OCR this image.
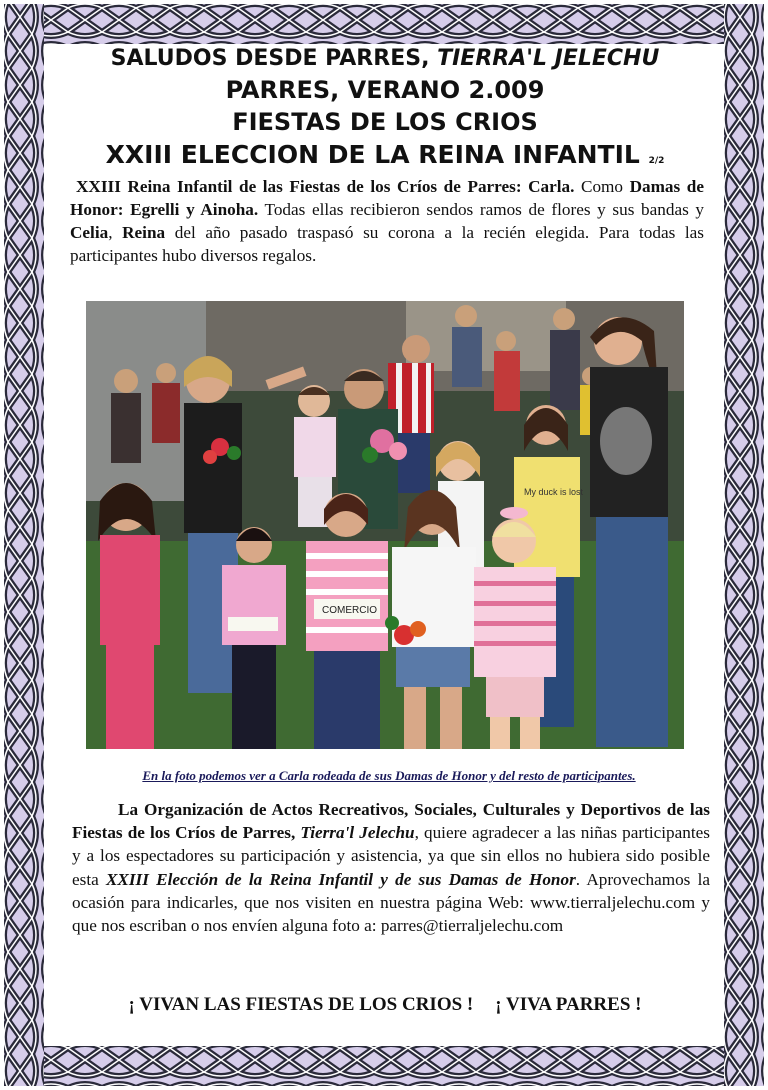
SALUDOS DESDE PARRES, TIERRA'L JELECHU
PARRES, VERANO 2.009
FIESTAS DE LOS CRIOS
XXIII ELECCION DE LA REINA INFANTIL 2/2

XXIII Reina Infantil de las Fiestas de los Críos de Parres: Carla. Como Damas de Honor: Egrelli y Ainoha. Todas ellas recibieron sendos ramos de flores y sus bandas y Celia, Reina del año pasado traspasó su corona a la recién elegida. Para todas las participantes hubo diversos regalos.

My duck is lost
COMERCIO
En la foto podemos ver a Carla rodeada de sus Damas de Honor y del resto de participantes.
La Organización de Actos Recreativos, Sociales, Culturales y Deportivos de las Fiestas de los Críos de Parres, Tierra'l Jelechu, quiere agradecer a las niñas participantes y a los espectadores su participación y asistencia, ya que sin ellos no hubiera sido posible esta XXIII Elección de la Reina Infantil y de sus Damas de Honor. Aprovechamos la ocasión para indicarles, que nos visiten en nuestra página Web: www.tierraljelechu.com y que nos escriban o nos envíen alguna foto a: parres@tierraljelechu.com
¡ VIVAN LAS FIESTAS DE LOS CRIOS ! ¡ VIVA PARRES !
